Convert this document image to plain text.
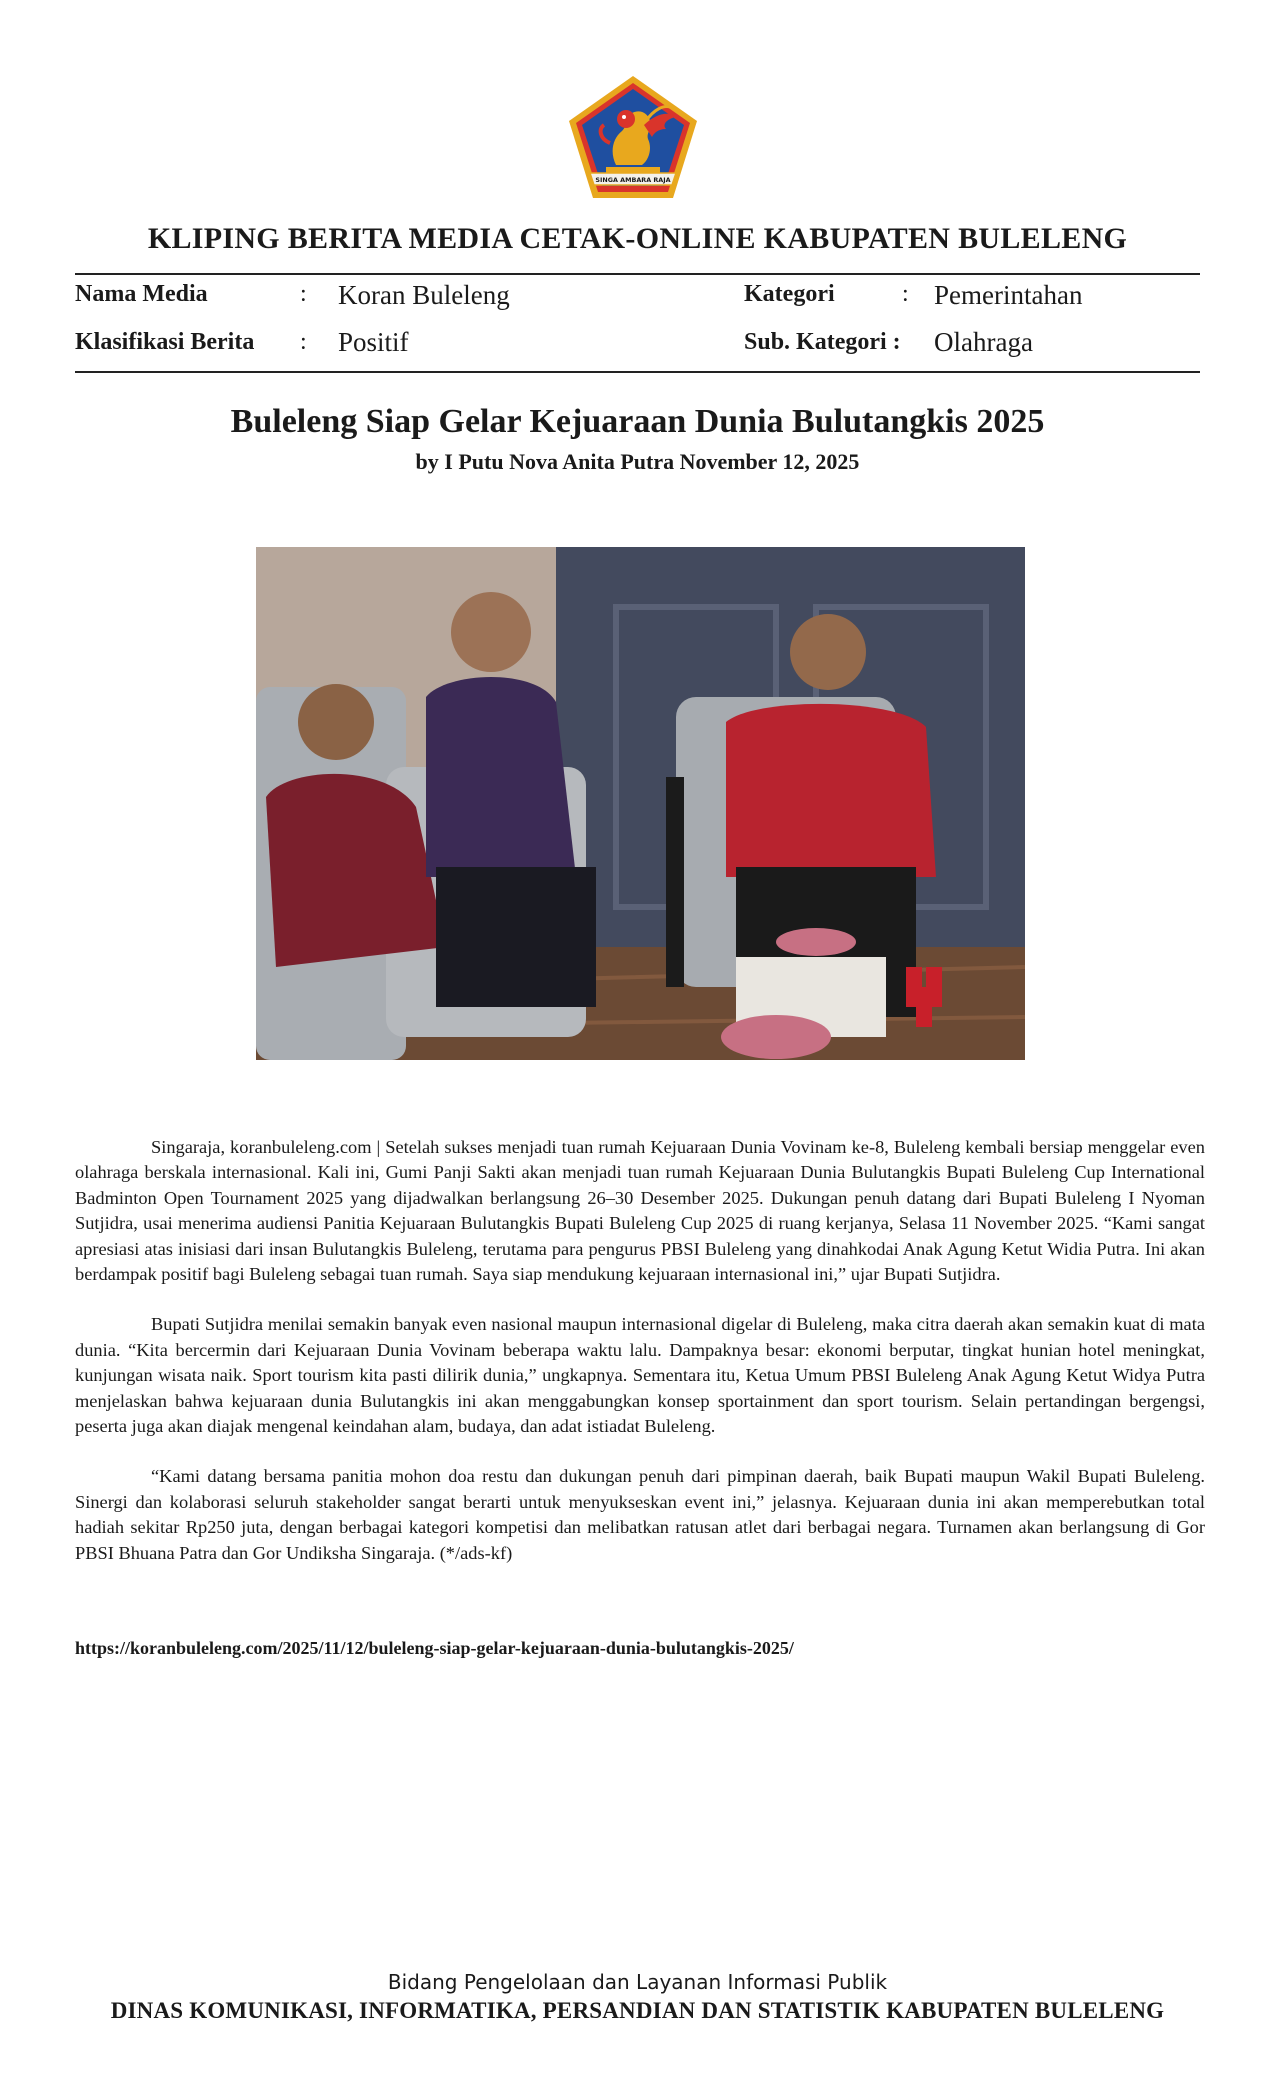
SINGA AMBARA RAJA
KLIPING BERITA MEDIA CETAK-ONLINE KABUPATEN BULELENG
Nama Media	: Koran Buleleng	Kategori	: Pemerintahan
Klasifikasi Berita : Positif	Sub. Kategori : Olahraga
Buleleng Siap Gelar Kejuaraan Dunia Bulutangkis 2025
by I Putu Nova Anita Putra November 12, 2025

Singaraja, koranbuleleng.com | Setelah sukses menjadi tuan rumah Kejuaraan Dunia Vovinam ke-8, Buleleng kembali bersiap menggelar even olahraga berskala internasional. Kali ini, Gumi Panji Sakti akan menjadi tuan rumah Kejuaraan Dunia Bulutangkis Bupati Buleleng Cup International Badminton Open Tournament 2025 yang dijadwalkan berlangsung 26–30 Desember 2025. Dukungan penuh datang dari Bupati Buleleng I Nyoman Sutjidra, usai menerima audiensi Panitia Kejuaraan Bulutangkis Bupati Buleleng Cup 2025 di ruang kerjanya, Selasa 11 November 2025. “Kami sangat apresiasi atas inisiasi dari insan Bulutangkis Buleleng, terutama para pengurus PBSI Buleleng yang dinahkodai Anak Agung Ketut Widia Putra. Ini akan berdampak positif bagi Buleleng sebagai tuan rumah. Saya siap mendukung kejuaraan internasional ini,” ujar Bupati Sutjidra.

Bupati Sutjidra menilai semakin banyak even nasional maupun internasional digelar di Buleleng, maka citra daerah akan semakin kuat di mata dunia. “Kita bercermin dari Kejuaraan Dunia Vovinam beberapa waktu lalu. Dampaknya besar: ekonomi berputar, tingkat hunian hotel meningkat, kunjungan wisata naik. Sport tourism kita pasti dilirik dunia,” ungkapnya. Sementara itu, Ketua Umum PBSI Buleleng Anak Agung Ketut Widya Putra menjelaskan bahwa kejuaraan dunia Bulutangkis ini akan menggabungkan konsep sportainment dan sport tourism. Selain pertandingan bergengsi, peserta juga akan diajak mengenal keindahan alam, budaya, dan adat istiadat Buleleng.

“Kami datang bersama panitia mohon doa restu dan dukungan penuh dari pimpinan daerah, baik Bupati maupun Wakil Bupati Buleleng. Sinergi dan kolaborasi seluruh stakeholder sangat berarti untuk menyukseskan event ini,” jelasnya. Kejuaraan dunia ini akan memperebutkan total hadiah sekitar Rp250 juta, dengan berbagai kategori kompetisi dan melibatkan ratusan atlet dari berbagai negara. Turnamen akan berlangsung di Gor PBSI Bhuana Patra dan Gor Undiksha Singaraja. (*/ads-kf)

https://koranbuleleng.com/2025/11/12/buleleng-siap-gelar-kejuaraan-dunia-bulutangkis-2025/
Bidang Pengelolaan dan Layanan Informasi Publik
DINAS KOMUNIKASI, INFORMATIKA, PERSANDIAN DAN STATISTIK KABUPATEN BULELENG
